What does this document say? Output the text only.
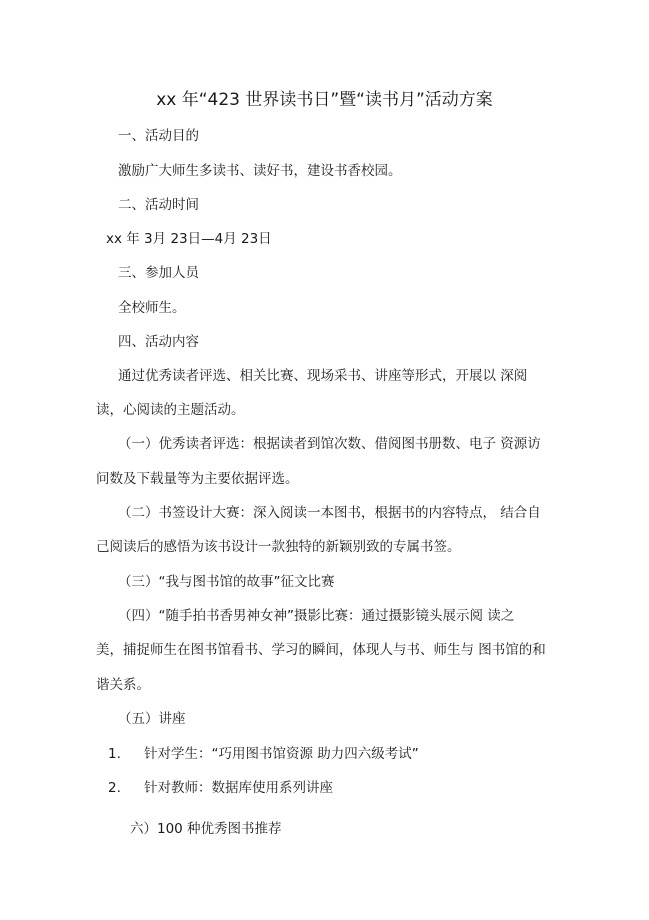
xx 年“423 世界读书日”暨“读书月”活动方案
一、活动目的
激励广大师生多读书、读好书，建设书香校园。
二、活动时间
xx 年 3月 23日—4月 23日
三、参加人员
全校师生。
四、活动内容
通过优秀读者评选、相关比赛、现场采书、讲座等形式，开展以 深阅
读，心阅读的主题活动。
（一）优秀读者评选：根据读者到馆次数、借阅图书册数、电子 资源访
问数及下载量等为主要依据评选。
（二）书签设计大赛：深入阅读一本图书，根据书的内容特点， 结合自
己阅读后的感悟为该书设计一款独特的新颖别致的专属书签。
（三）“我与图书馆的故事”征文比赛
（四）“随手拍书香男神女神”摄影比赛：通过摄影镜头展示阅 读之
美，捕捉师生在图书馆看书、学习的瞬间，体现人与书、师生与 图书馆的和
谐关系。
（五）讲座
1. 针对学生：“巧用图书馆资源 助力四六级考试”
2. 针对教师：数据库使用系列讲座
六）100 种优秀图书推荐
